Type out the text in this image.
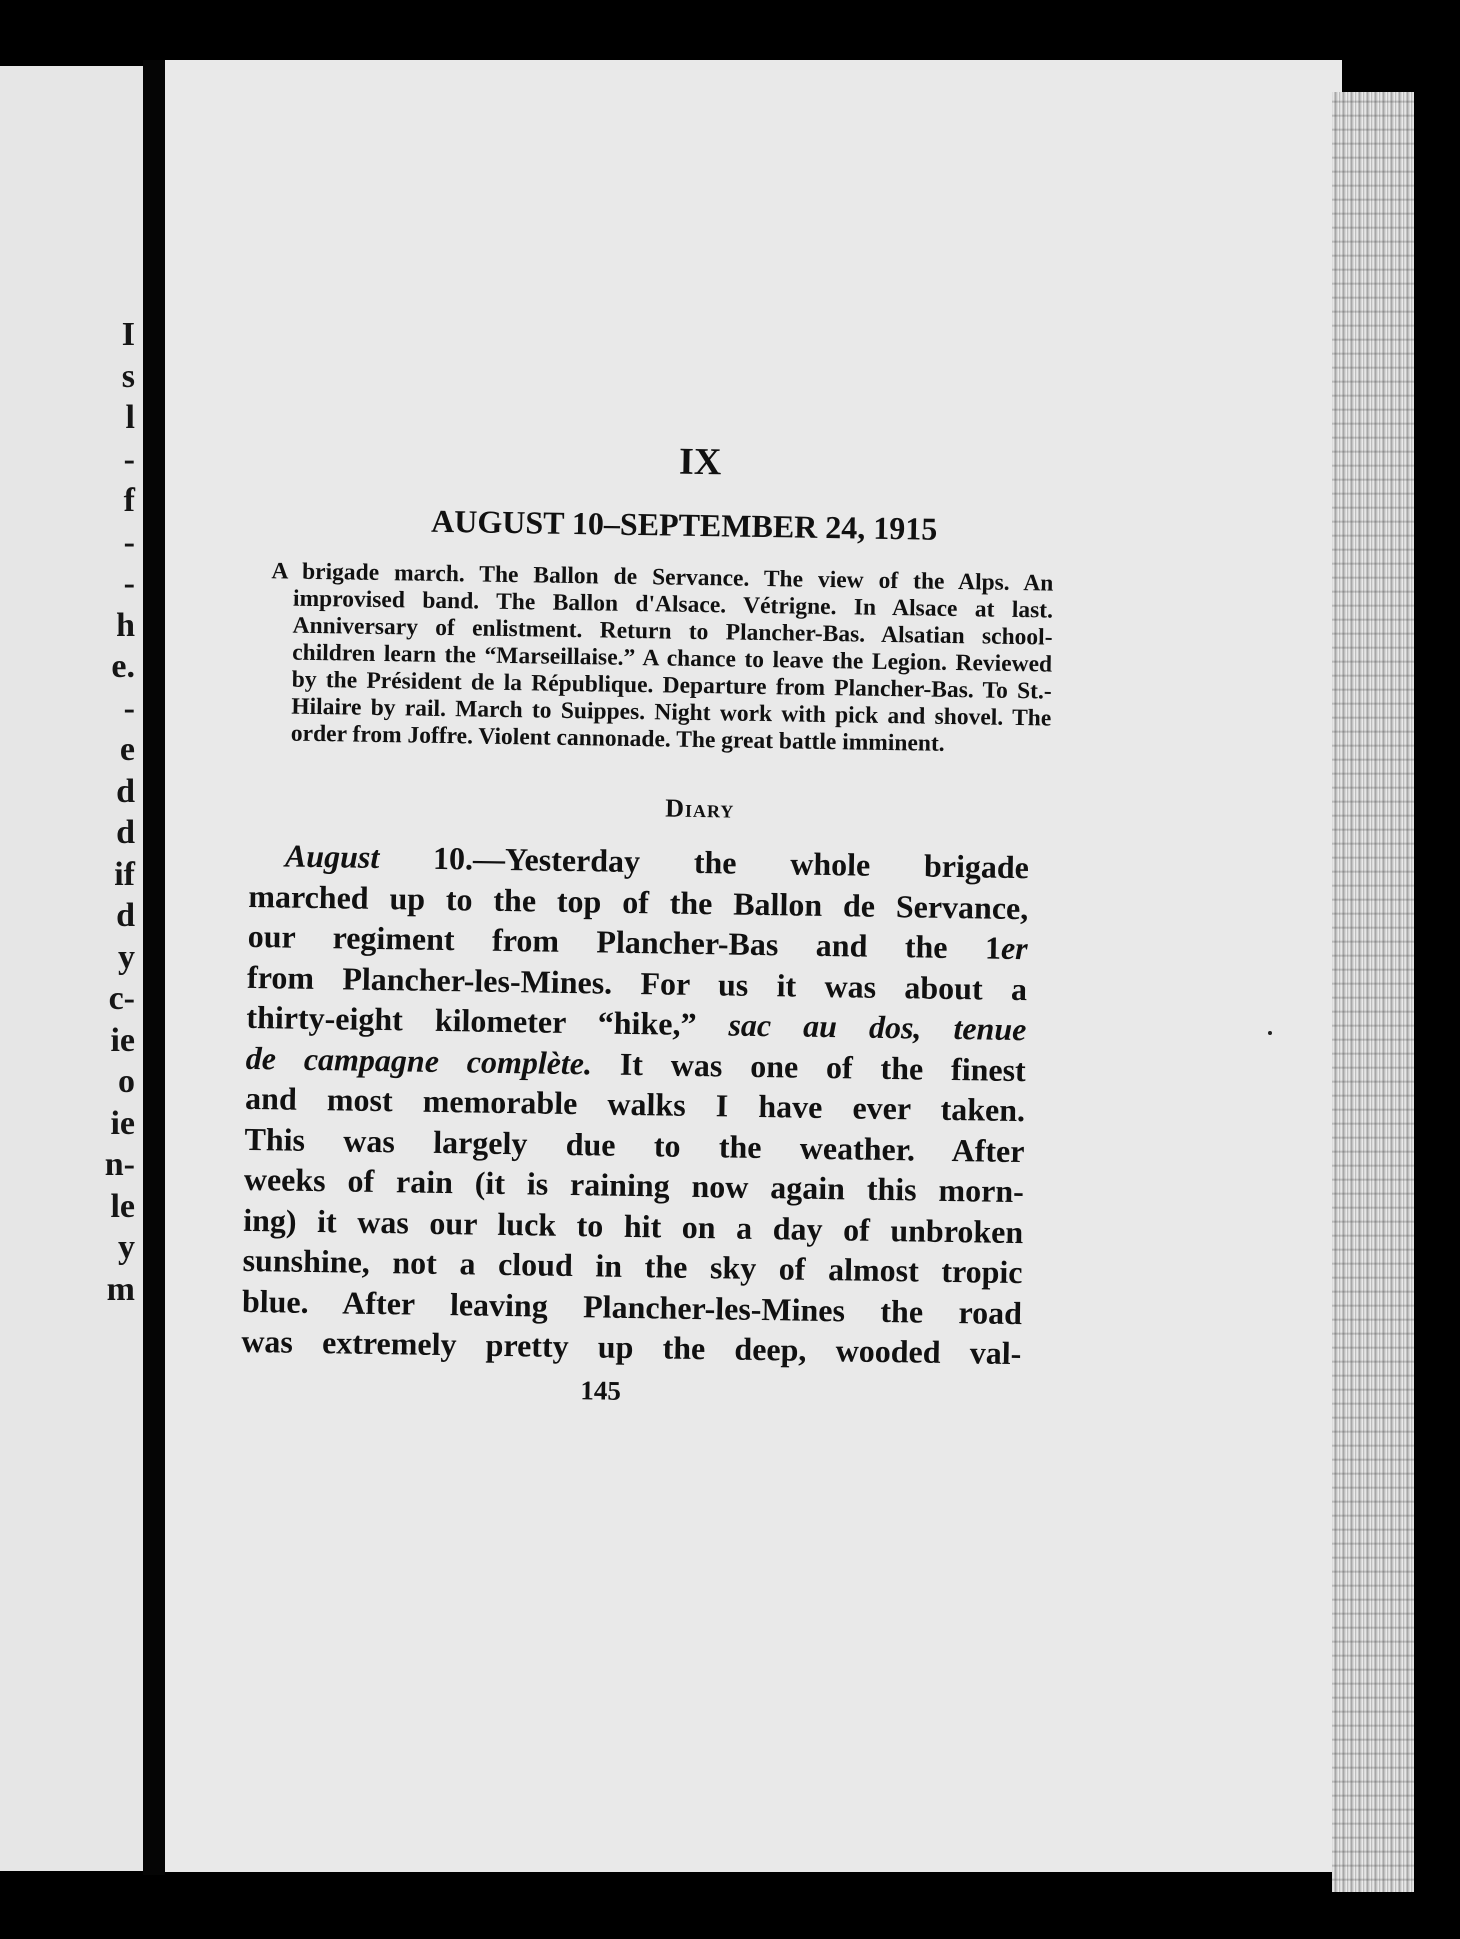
I
s
l
-
f
-
-
h
e.
-
e
d
d
if
d
y
c-
ie
o
ie
n-
le
y
m
IX
AUGUST 10–SEPTEMBER 24, 1915
A brigade march. The Ballon de Servance. The view of the Alps. An improvised band. The Ballon d'Alsace. Vétrigne. In Alsace at last. Anniversary of enlistment. Return to Plancher-Bas. Alsatian school-children learn the “Marseillaise.” A chance to leave the Legion. Reviewed by the Président de la République. Departure from Plancher-Bas. To St.-Hilaire by rail. March to Suippes. Night work with pick and shovel. The order from Joffre. Violent cannonade. The great battle imminent.
Diary
August 10.—Yesterday the whole brigade
marched up to the top of the Ballon de Servance,
our regiment from Plancher-Bas and the 1er
from Plancher-les-Mines. For us it was about a
thirty-eight kilometer “hike,” sac au dos, tenue
de campagne complète. It was one of the finest
and most memorable walks I have ever taken.
This was largely due to the weather. After
weeks of rain (it is raining now again this morn-
ing) it was our luck to hit on a day of unbroken
sunshine, not a cloud in the sky of almost tropic
blue. After leaving Plancher-les-Mines the road
was extremely pretty up the deep, wooded val-
145
